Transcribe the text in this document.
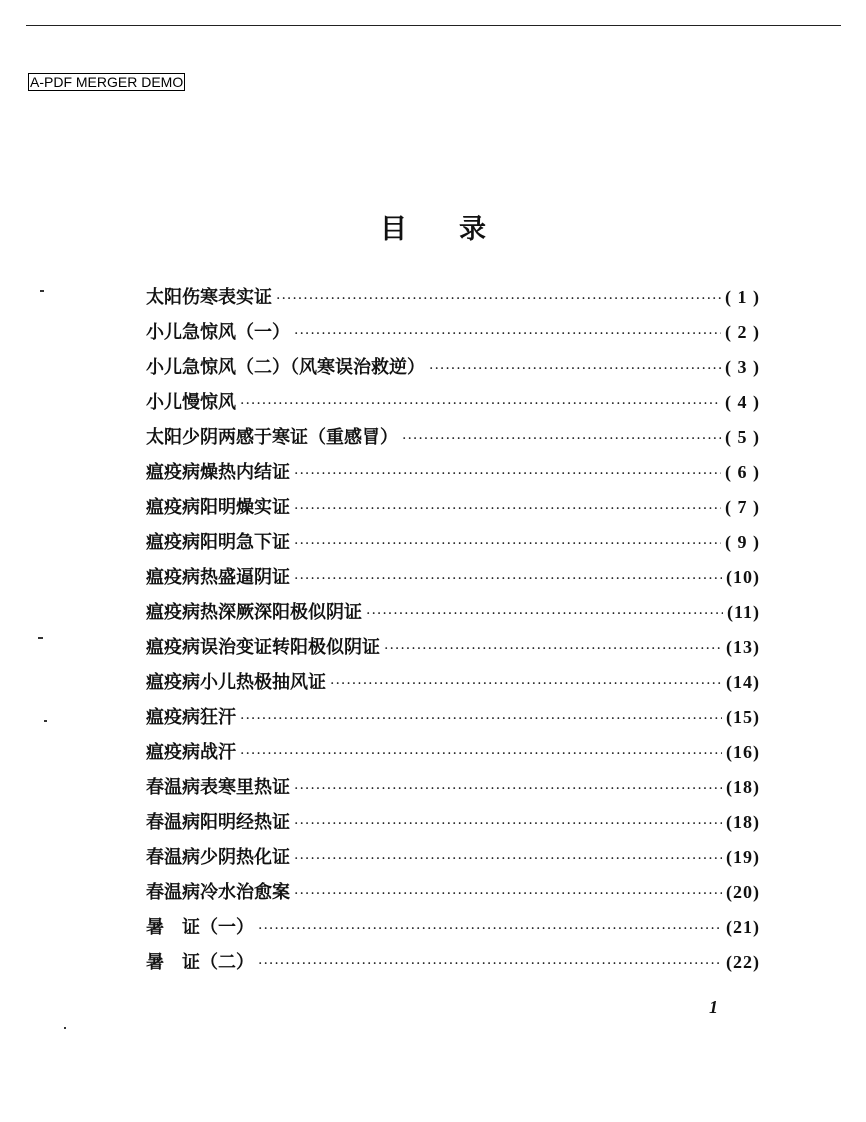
A-PDF MERGER DEMO
目 录
太阳伤寒表实证 ·····	( 1 )
小儿急惊风（一） ·····	( 2 )
小儿急惊风（二）（风寒误治救逆） ·····	( 3 )
小儿慢惊风 ·····	( 4 )
太阳少阴两感于寒证（重感冒） ·····	( 5 )
瘟疫病燥热内结证 ·····	( 6 )
瘟疫病阳明燥实证 ·····	( 7 )
瘟疫病阳明急下证 ·····	( 9 )
瘟疫病热盛逼阴证 ·····	(10)
瘟疫病热深厥深阳极似阴证 ·····	(11)
瘟疫病误治变证转阳极似阴证 ·····	(13)
瘟疫病小儿热极抽风证 ·····	(14)
瘟疫病狂汗 ·····	(15)
瘟疫病战汗 ·····	(16)
春温病表寒里热证 ·····	(18)
春温病阳明经热证 ·····	(18)
春温病少阴热化证 ·····	(19)
春温病冷水治愈案 ·····	(20)
暑　证（一） ·····	(21)
暑　证（二） ·····	(22)
1
